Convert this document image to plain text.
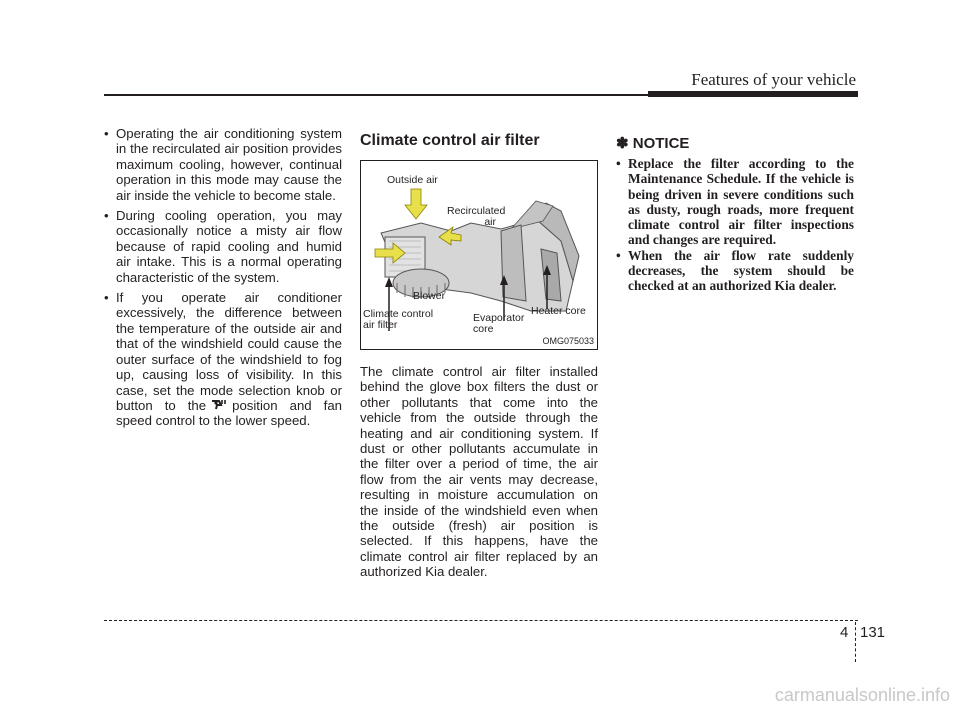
Features of your vehicle
• Operating the air conditioning system in the recirculated air position provides maximum cooling, however, continual operation in this mode may cause the air inside the vehicle to become stale.
• During cooling operation, you may occasionally notice a misty air flow because of rapid cooling and humid air intake. This is a normal operating characteristic of the system.
• If you operate air conditioner excessively, the difference between the temperature of the outside air and that of the windshield could cause the outer surface of the windshield to fog up, causing loss of visibility. In this case, set the mode selection knob or button to the position and fan speed control to the lower speed.
Climate control air filter
Outside air
Recirculated
air
Blower
Climate control
air filter
Evaporator
core
Heater core
OMG075033

The climate control air filter installed behind the glove box filters the dust or other pollutants that come into the vehicle from the outside through the heating and air conditioning system. If dust or other pollutants accumulate in the filter over a period of time, the air flow from the air vents may decrease, resulting in moisture accumulation on the inside of the windshield even when the outside (fresh) air position is selected. If this happens, have the climate control air filter replaced by an authorized Kia dealer.

✽ NOTICE
• Replace the filter according to the Maintenance Schedule. If the vehicle is being driven in severe conditions such as dusty, rough roads, more frequent climate control air filter inspections and changes are required.
• When the air flow rate suddenly decreases, the system should be checked at an authorized Kia dealer.
4 131
carmanualsonline.info
